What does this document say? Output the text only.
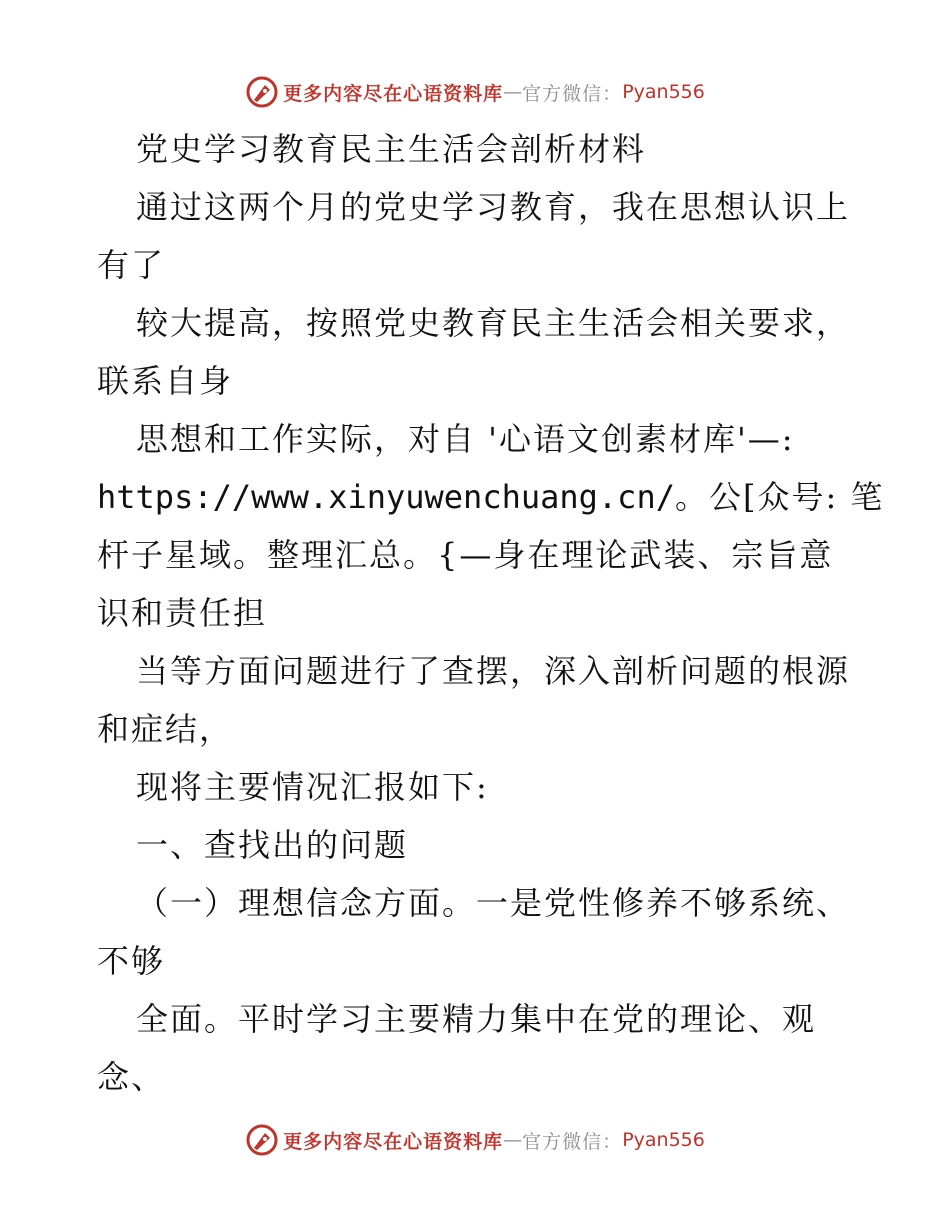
更多内容尽在心语资料库 — 官方微信： Pyan556
党史学习教育民主生活会剖析材料
通过这两个月的党史学习教育，我在思想认识上
有了
较大提高，按照党史教育民主生活会相关要求，
联系自身
思想和工作实际，对自 '心语文创素材库'—:
https://www.xinyuwenchuang.cn/。公[众号: 笔
杆子星域。整理汇总。{—身在理论武装、宗旨意
识和责任担
当等方面问题进行了查摆，深入剖析问题的根源
和症结，
现将主要情况汇报如下:
一、查找出的问题
（一）理想信念方面。一是党性修养不够系统、
不够
全面。平时学习主要精力集中在党的理论、观
念、
更多内容尽在心语资料库 — 官方微信： Pyan556
